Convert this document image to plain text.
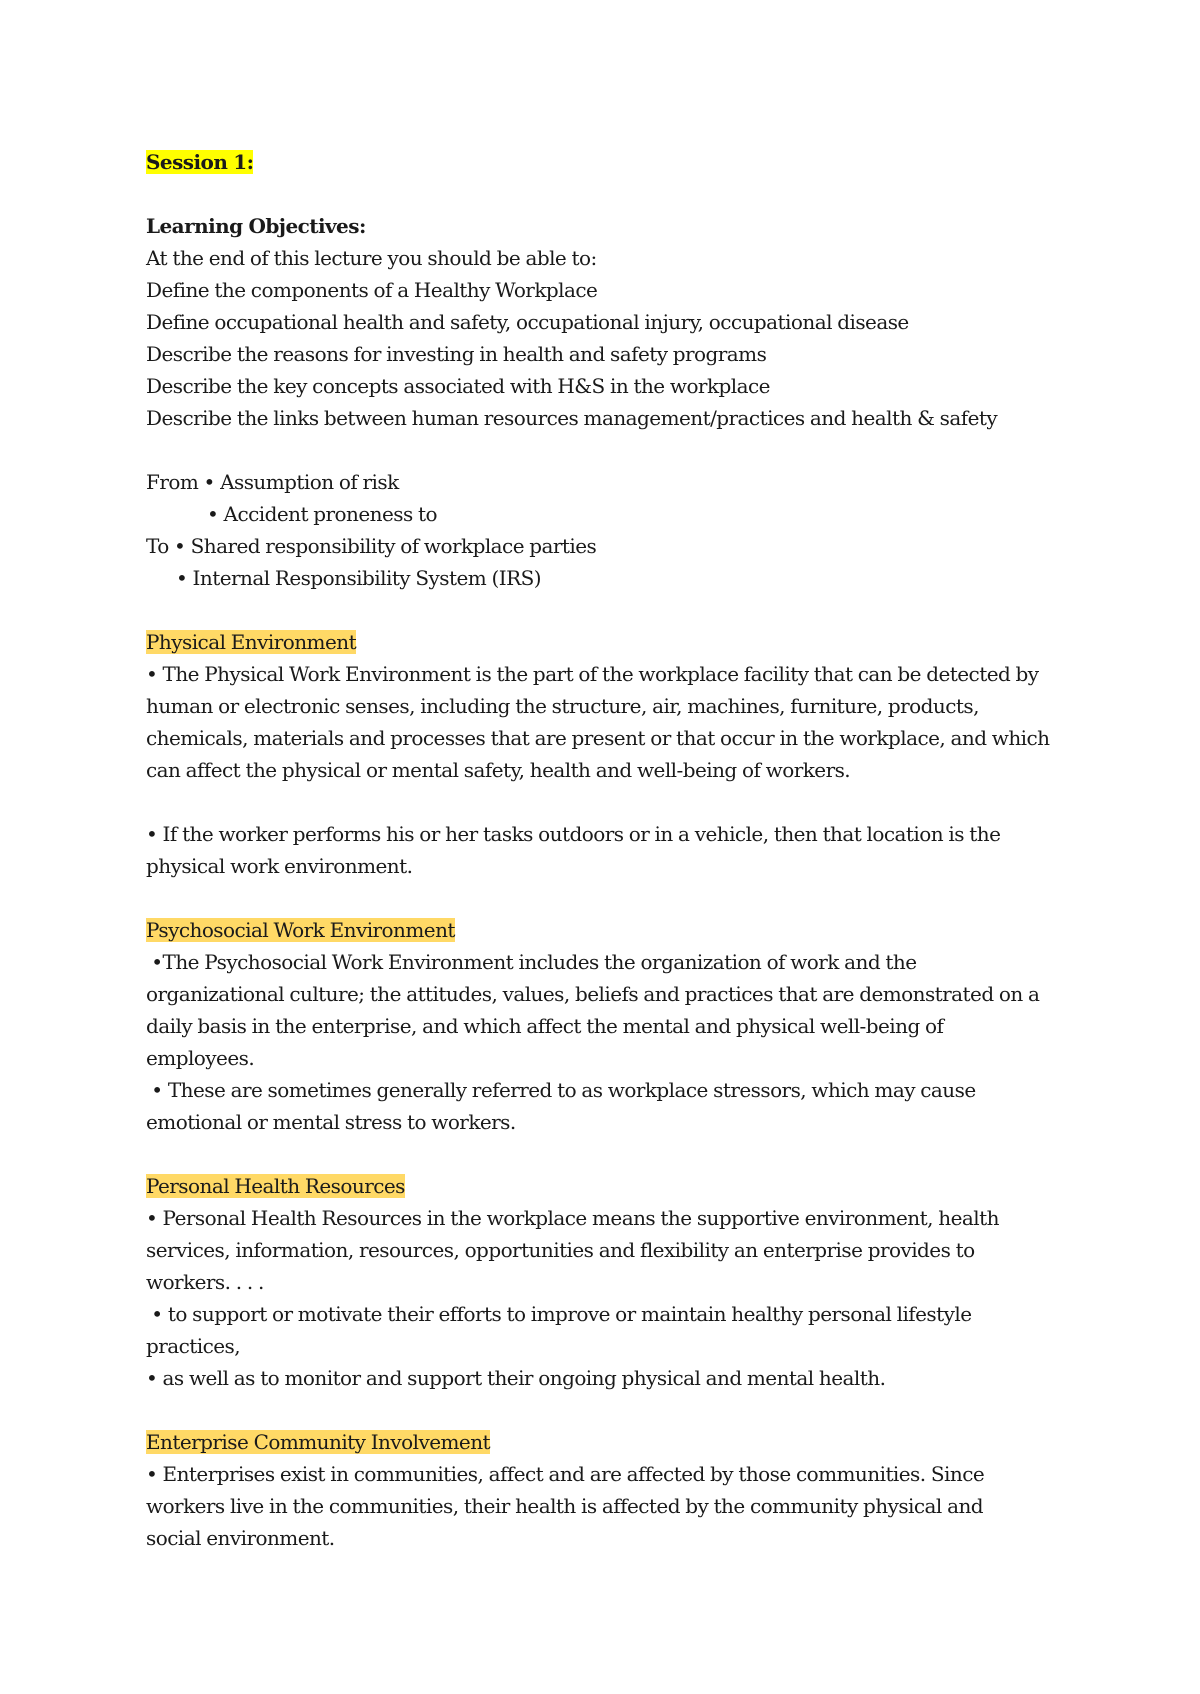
Session 1:
Learning Objectives:
At the end of this lecture you should be able to:
Define the components of a Healthy Workplace
Define occupational health and safety, occupational injury, occupational disease
Describe the reasons for investing in health and safety programs
Describe the key concepts associated with H&S in the workplace
Describe the links between human resources management/practices and health & safety
From • Assumption of risk
• Accident proneness to
To • Shared responsibility of workplace parties
• Internal Responsibility System (IRS)
Physical Environment
• The Physical Work Environment is the part of the workplace facility that can be detected by
human or electronic senses, including the structure, air, machines, furniture, products,
chemicals, materials and processes that are present or that occur in the workplace, and which
can affect the physical or mental safety, health and well-being of workers.
• If the worker performs his or her tasks outdoors or in a vehicle, then that location is the
physical work environment.
Psychosocial Work Environment
•The Psychosocial Work Environment includes the organization of work and the
organizational culture; the attitudes, values, beliefs and practices that are demonstrated on a
daily basis in the enterprise, and which affect the mental and physical well-being of
employees.
• These are sometimes generally referred to as workplace stressors, which may cause
emotional or mental stress to workers.
Personal Health Resources
• Personal Health Resources in the workplace means the supportive environment, health
services, information, resources, opportunities and flexibility an enterprise provides to
workers. . . .
• to support or motivate their efforts to improve or maintain healthy personal lifestyle
practices,
• as well as to monitor and support their ongoing physical and mental health.
Enterprise Community Involvement
• Enterprises exist in communities, affect and are affected by those communities. Since
workers live in the communities, their health is affected by the community physical and
social environment.
